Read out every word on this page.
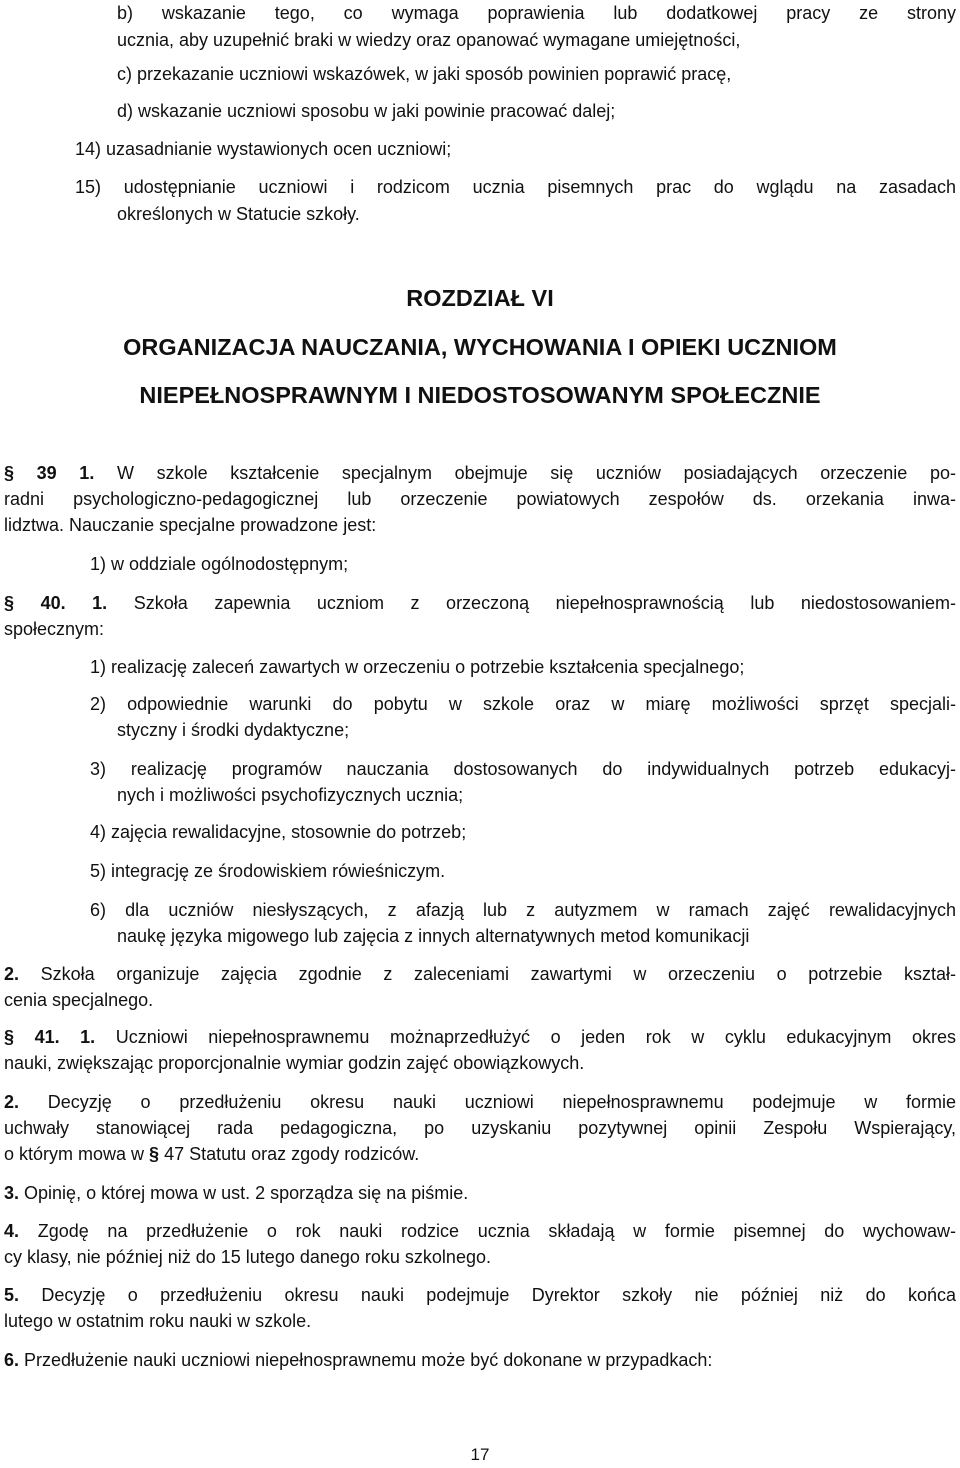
b) wskazanie tego, co wymaga poprawienia lub dodatkowej pracy ze strony
ucznia, aby uzupełnić braki w wiedzy oraz opanować wymagane umiejętności,
c) przekazanie uczniowi wskazówek, w jaki sposób powinien poprawić pracę,
d) wskazanie uczniowi sposobu w jaki powinie pracować dalej;
14) uzasadnianie wystawionych ocen uczniowi;
15) udostępnianie uczniowi i rodzicom ucznia pisemnych prac do wglądu na zasadach
określonych w Statucie szkoły.
ROZDZIAŁ VI
ORGANIZACJA NAUCZANIA, WYCHOWANIA I OPIEKI UCZNIOM
NIEPEŁNOSPRAWNYM I NIEDOSTOSOWANYM SPOŁECZNIE
§ 39 1. W szkole kształcenie specjalnym obejmuje się uczniów posiadających orzeczenie po-
radni psychologiczno-pedagogicznej lub orzeczenie powiatowych zespołów ds. orzekania inwa-
lidztwa. Nauczanie specjalne prowadzone jest:
1) w oddziale ogólnodostępnym;
§ 40. 1. Szkoła zapewnia uczniom z orzeczoną niepełnosprawnością lub niedostosowaniem-
społecznym:
1) realizację zaleceń zawartych w orzeczeniu o potrzebie kształcenia specjalnego;
2) odpowiednie warunki do pobytu w szkole oraz w miarę możliwości sprzęt specjali-
styczny i środki dydaktyczne;
3) realizację programów nauczania dostosowanych do indywidualnych potrzeb edukacyj-
nych i możliwości psychofizycznych ucznia;
4) zajęcia rewalidacyjne, stosownie do potrzeb;
5) integrację ze środowiskiem rówieśniczym.
6) dla uczniów niesłyszących, z afazją lub z autyzmem w ramach zajęć rewalidacyjnych
naukę języka migowego lub zajęcia z innych alternatywnych metod komunikacji
2. Szkoła organizuje zajęcia zgodnie z zaleceniami zawartymi w orzeczeniu o potrzebie kształ-
cenia specjalnego.
§ 41. 1. Uczniowi niepełnosprawnemu możnaprzedłużyć o jeden rok w cyklu edukacyjnym okres
nauki, zwiększając proporcjonalnie wymiar godzin zajęć obowiązkowych.
2. Decyzję o przedłużeniu okresu nauki uczniowi niepełnosprawnemu podejmuje w formie
uchwały stanowiącej rada pedagogiczna, po uzyskaniu pozytywnej opinii Zespołu Wspierający,
o którym mowa w § 47 Statutu oraz zgody rodziców.
3. Opinię, o której mowa w ust. 2 sporządza się na piśmie.
4. Zgodę na przedłużenie o rok nauki rodzice ucznia składają w formie pisemnej do wychowaw-
cy klasy, nie później niż do 15 lutego danego roku szkolnego.
5. Decyzję o przedłużeniu okresu nauki podejmuje Dyrektor szkoły nie później niż do końca
lutego w ostatnim roku nauki w szkole.
6. Przedłużenie nauki uczniowi niepełnosprawnemu może być dokonane w przypadkach:
17
